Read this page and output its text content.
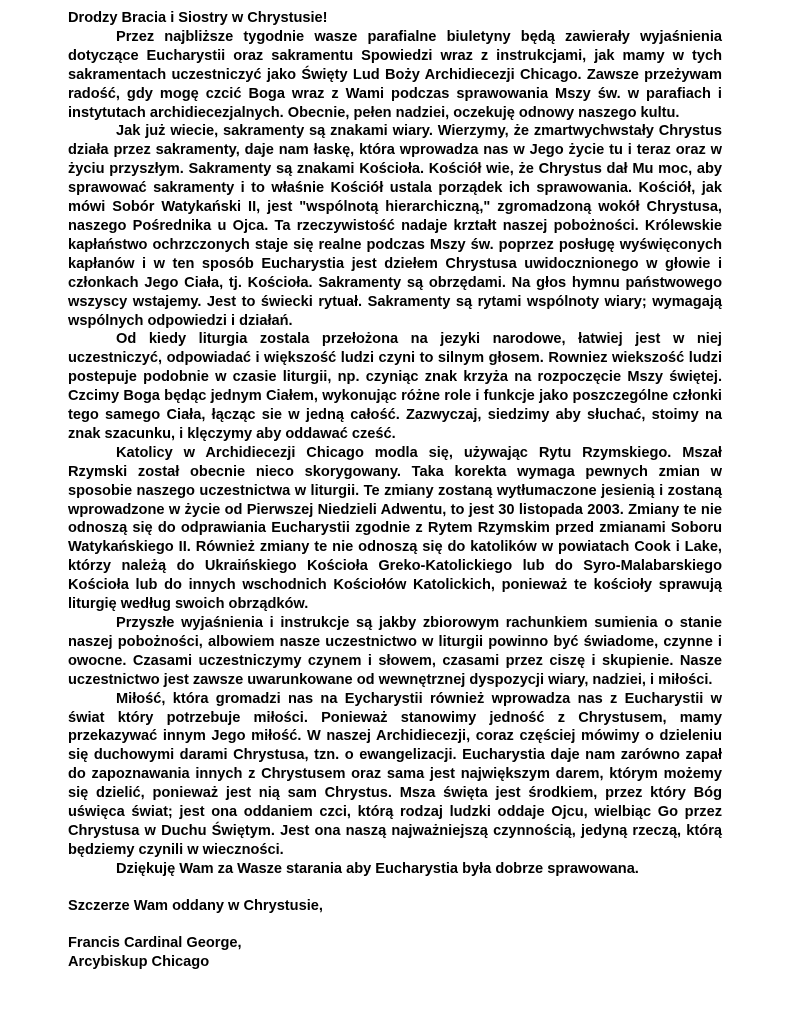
Drodzy Bracia i Siostry w Chrystusie!

Przez najbliższe tygodnie wasze parafialne biuletyny będą zawierały wyjaśnienia dotyczące Eucharystii oraz sakramentu Spowiedzi wraz z instrukcjami, jak mamy w tych sakramentach uczestniczyć jako Święty Lud Boży Archidiecezji Chicago. Zawsze przeżywam radość, gdy mogę czcić Boga wraz z Wami podczas sprawowania Mszy św. w parafiach i instytutach archidiecezjalnych. Obecnie, pełen nadziei, oczekuję odnowy naszego kultu.

Jak już wiecie, sakramenty są znakami wiary. Wierzymy, że zmartwychwstały Chrystus działa przez sakramenty, daje nam łaskę, która wprowadza nas w Jego życie tu i teraz oraz w życiu przyszłym. Sakramenty są znakami Kościoła. Kościół wie, że Chrystus dał Mu moc, aby sprawować sakramenty i to właśnie Kościół ustala porządek ich sprawowania. Kościół, jak mówi Sobór Watykański II, jest "wspólnotą hierarchiczną," zgromadzoną wokół Chrystusa, naszego Pośrednika u Ojca. Ta rzeczywistość nadaje krztałt naszej pobożności. Królewskie kapłaństwo ochrzczonych staje się realne podczas Mszy św. poprzez posługę wyświęconych kapłanów i w ten sposób Eucharystia jest dziełem Chrystusa uwidocznionego w głowie i członkach Jego Ciała, tj. Kościoła. Sakramenty są obrzędami. Na głos hymnu państwowego wszyscy wstajemy. Jest to świecki rytuał. Sakramenty są rytami wspólnoty wiary; wymagają wspólnych odpowiedzi i działań.

Od kiedy liturgia zostala przełożona na jezyki narodowe, łatwiej jest w niej uczestniczyć, odpowiadać i większość ludzi czyni to silnym głosem. Rowniez wiekszość ludzi postepuje podobnie w czasie liturgii, np. czyniąc znak krzyża na rozpoczęcie Mszy świętej. Czcimy Boga będąc jednym Ciałem, wykonując różne role i funkcje jako poszczególne członki tego samego Ciała, łącząc sie w jedną całość. Zazwyczaj, siedzimy aby słuchać, stoimy na znak szacunku, i klęczymy aby oddawać cześć.

Katolicy w Archidiecezji Chicago modla się, używając Rytu Rzymskiego. Mszał Rzymski został obecnie nieco skorygowany. Taka korekta wymaga pewnych zmian w sposobie naszego uczestnictwa w liturgii. Te zmiany zostaną wytłumaczone jesienią i zostaną wprowadzone w życie od Pierwszej Niedzieli Adwentu, to jest 30 listopada 2003. Zmiany te nie odnoszą się do odprawiania Eucharystii zgodnie z Rytem Rzymskim przed zmianami Soboru Watykańskiego II. Również zmiany te nie odnoszą się do katolików w powiatach Cook i Lake, którzy należą do Ukraińskiego Kościoła Greko-Katolickiego lub do Syro-Malabarskiego Kościoła lub do innych wschodnich Kościołów Katolickich, ponieważ te kościoły sprawują liturgię według swoich obrządków.

Przyszłe wyjaśnienia i instrukcje są jakby zbiorowym rachunkiem sumienia o stanie naszej pobożności, albowiem nasze uczestnictwo w liturgii powinno być świadome, czynne i owocne. Czasami uczestniczymy czynem i słowem, czasami przez ciszę i skupienie. Nasze uczestnictwo jest zawsze uwarunkowane od wewnętrznej dyspozycji wiary, nadziei, i miłości.

Miłość, która gromadzi nas na Eycharystii również wprowadza nas z Eucharystii w świat który potrzebuje miłości. Ponieważ stanowimy jedność z Chrystusem, mamy przekazywać innym Jego miłość. W naszej Archidiecezji, coraz częściej mówimy o dzieleniu się duchowymi darami Chrystusa, tzn. o ewangelizacji. Eucharystia daje nam zarówno zapał do zapoznawania innych z Chrystusem oraz sama jest największym darem, którym możemy się dzielić, ponieważ jest nią sam Chrystus. Msza święta jest środkiem, przez który Bóg uświęca świat; jest ona oddaniem czci, którą rodzaj ludzki oddaje Ojcu, wielbiąc Go przez Chrystusa w Duchu Świętym. Jest ona naszą najważniejszą czynnością, jedyną rzeczą, którą będziemy czynili w wieczności.

Dziękuję Wam za Wasze starania aby Eucharystia była dobrze sprawowana.

Szczerze Wam oddany w Chrystusie,

Francis Cardinal George,
Arcybiskup Chicago
